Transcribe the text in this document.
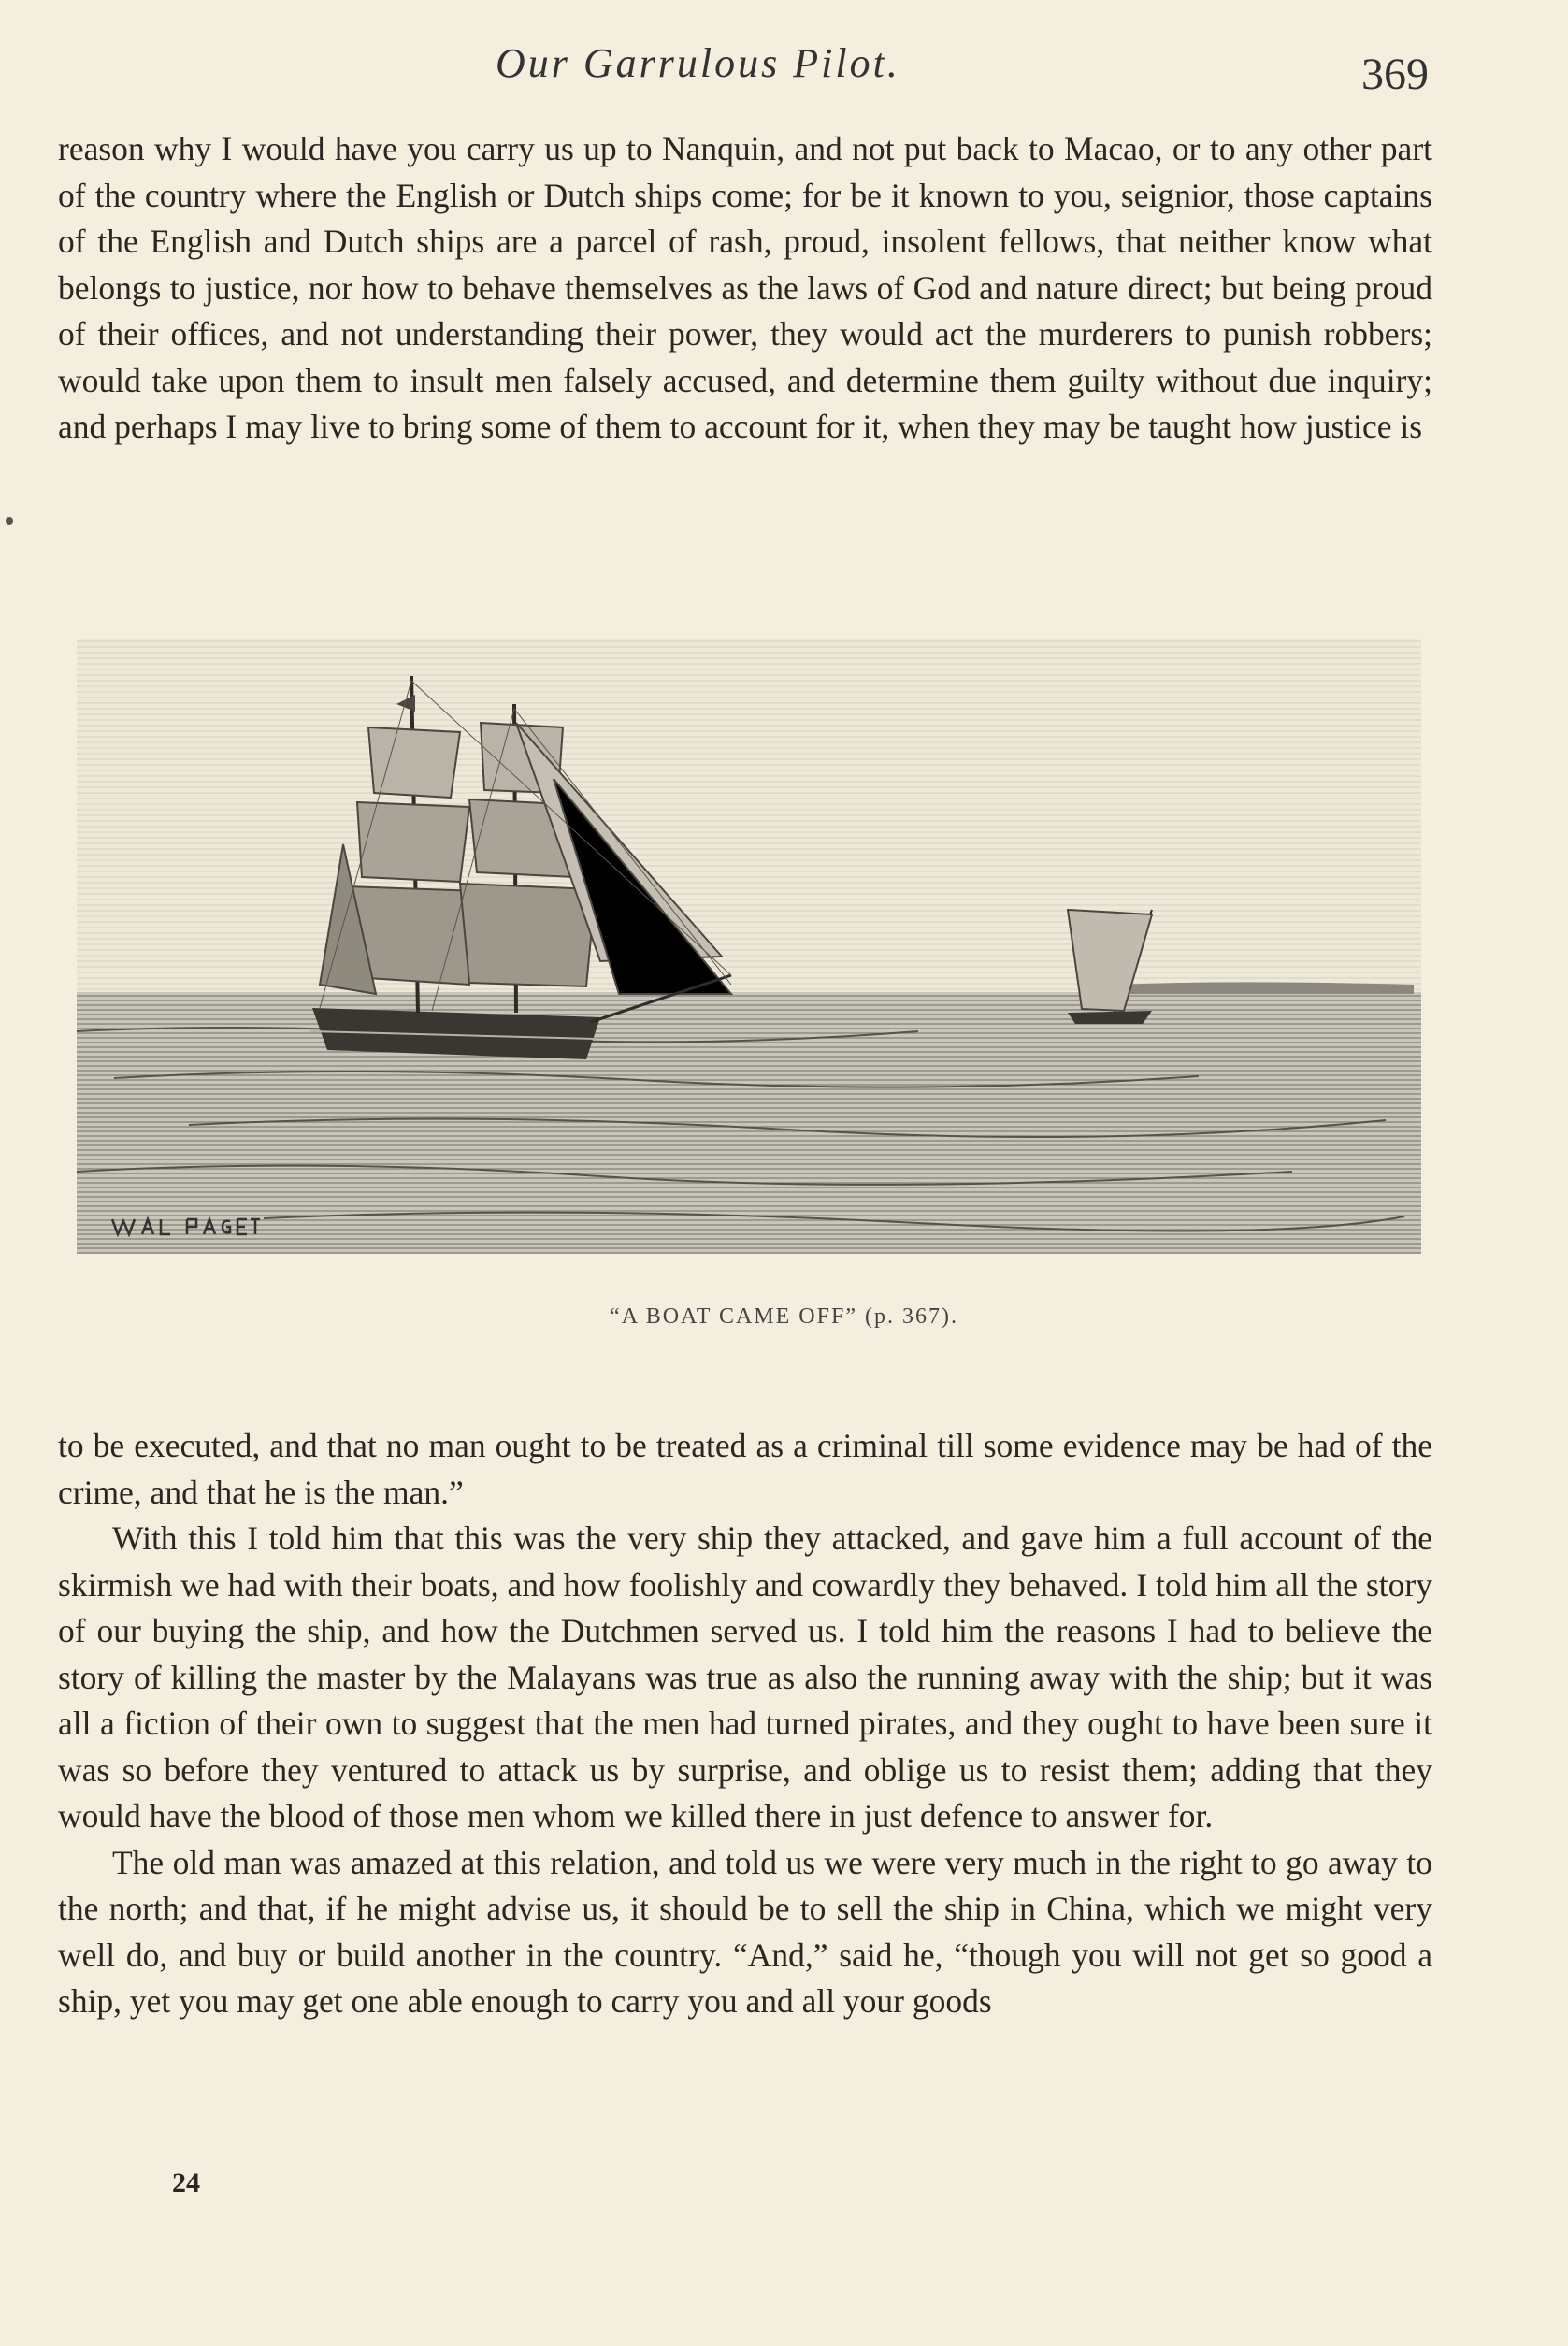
Our Garrulous Pilot.	369

reason why I would have you carry us up to Nanquin, and not put back to Macao, or to any other part of the country where the English or Dutch ships come; for be it known to you, seignior, those captains of the English and Dutch ships are a parcel of rash, proud, insolent fellows, that neither know what belongs to justice, nor how to behave themselves as the laws of God and nature direct; but being proud of their offices, and not understanding their power, they would act the murderers to punish robbers; would take upon them to insult men falsely accused, and determine them guilty without due inquiry; and perhaps I may live to bring some of them to account for it, when they may be taught how justice is

“A BOAT CAME OFF” (p. 367).

to be executed, and that no man ought to be treated as a criminal till some evidence may be had of the crime, and that he is the man.”

With this I told him that this was the very ship they attacked, and gave him a full account of the skirmish we had with their boats, and how foolishly and cowardly they behaved. I told him all the story of our buying the ship, and how the Dutchmen served us. I told him the reasons I had to believe the story of killing the master by the Malayans was true as also the running away with the ship; but it was all a fiction of their own to suggest that the men had turned pirates, and they ought to have been sure it was so before they ventured to attack us by surprise, and oblige us to resist them; adding that they would have the blood of those men whom we killed there in just defence to answer for.

The old man was amazed at this relation, and told us we were very much in the right to go away to the north; and that, if he might advise us, it should be to sell the ship in China, which we might very well do, and buy or build another in the country. “And,” said he, “though you will not get so good a ship, yet you may get one able enough to carry you and all your goods

24
